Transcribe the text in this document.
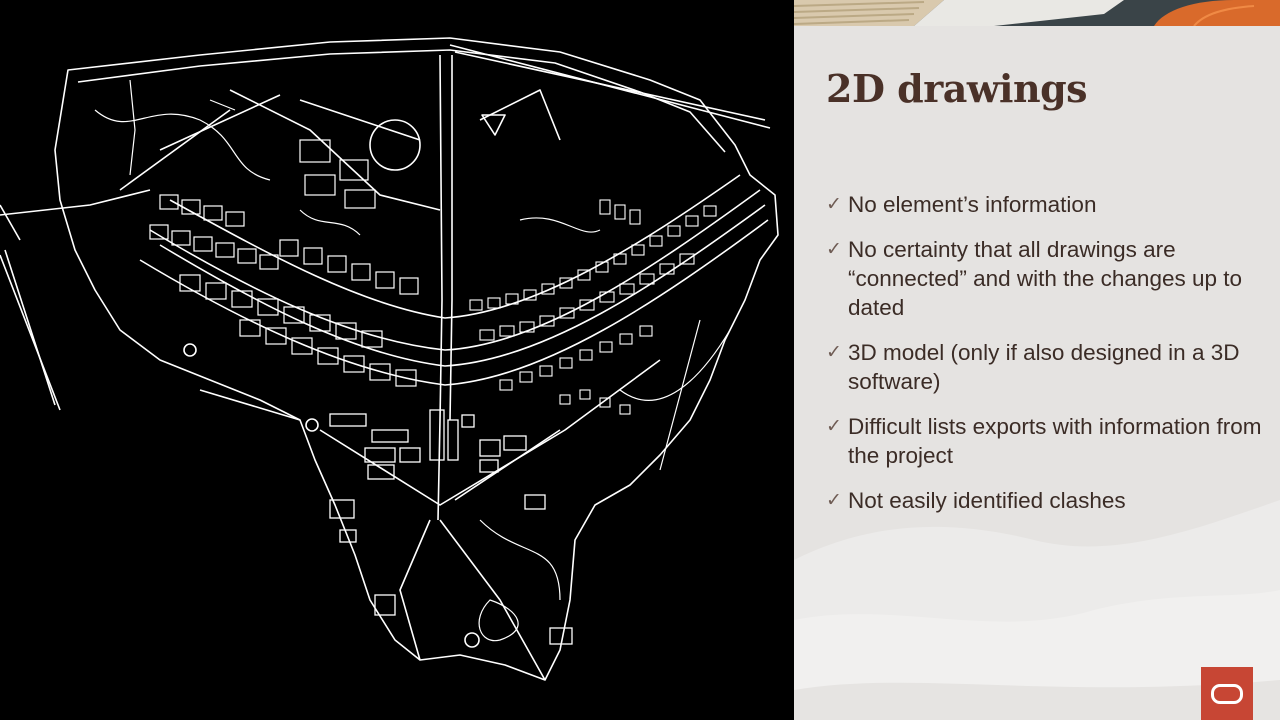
2D drawings
✓ No element’s information
✓ No certainty that all drawings are “connected” and with the changes up to dated
✓ 3D model (only if also designed in a 3D software)
✓ Difficult lists exports with information from the project
✓ Not easily identified clashes
